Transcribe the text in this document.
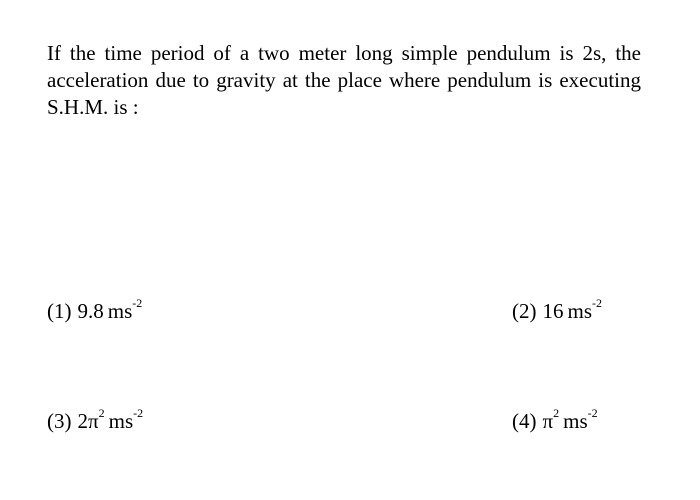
If the time period of a two meter long simple pendulum is 2s, the acceleration due to gravity at the place where pendulum is executing S.H.M. is :

(1) 9.8 $ms^{-2}$	(2) 16 $ms^{-2}$
(3) $2\pi^2$ $ms^{-2}$	(4) $\pi^2$ $ms^{-2}$
